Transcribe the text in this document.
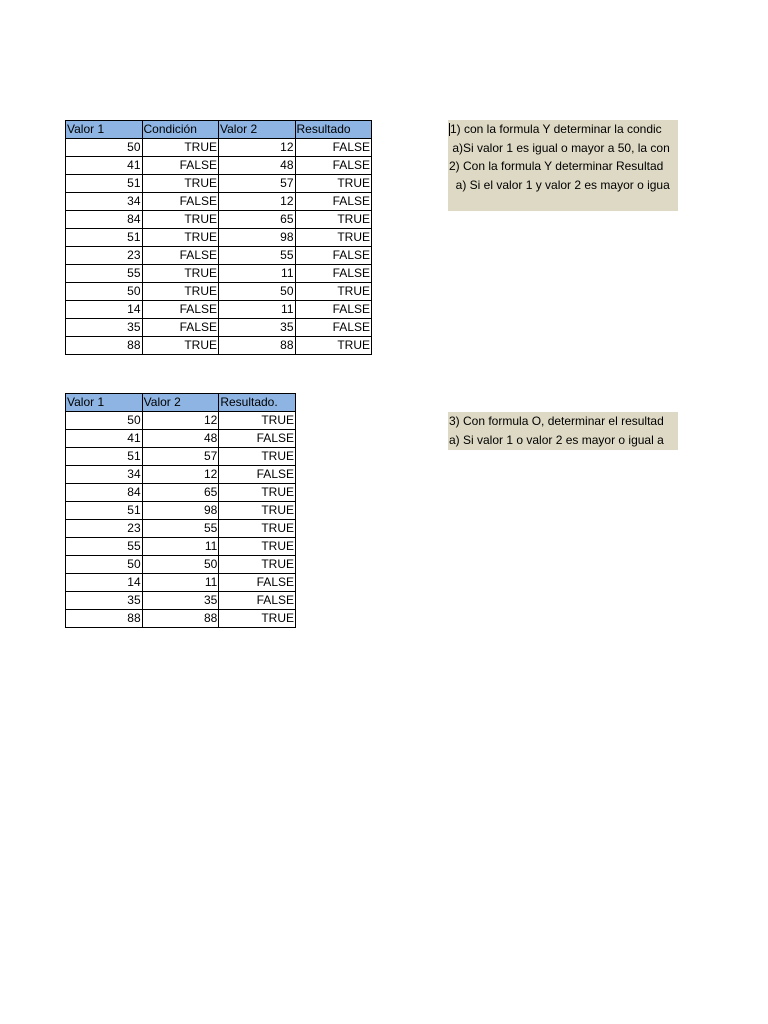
Valor 1	Condición	Valor 2	Resultado
50	TRUE	12	FALSE
41	FALSE	48	FALSE
51	TRUE	57	TRUE
34	FALSE	12	FALSE
84	TRUE	65	TRUE
51	TRUE	98	TRUE
23	FALSE	55	FALSE
55	TRUE	11	FALSE
50	TRUE	50	TRUE
14	FALSE	11	FALSE
35	FALSE	35	FALSE
88	TRUE	88	TRUE
Valor 1	Valor 2	Resultado.
50	12	TRUE
41	48	FALSE
51	57	TRUE
34	12	FALSE
84	65	TRUE
51	98	TRUE
23	55	TRUE
55	11	TRUE
50	50	TRUE
14	11	FALSE
35	35	FALSE
88	88	TRUE
1) con la formula Y determinar la condic
a)Si valor 1 es igual o mayor a 50, la con
2) Con la formula Y determinar Resultad
a) Si el valor 1 y valor 2 es mayor o igua
3) Con formula O, determinar el resultad
a) Si valor 1 o valor 2 es mayor o igual a
